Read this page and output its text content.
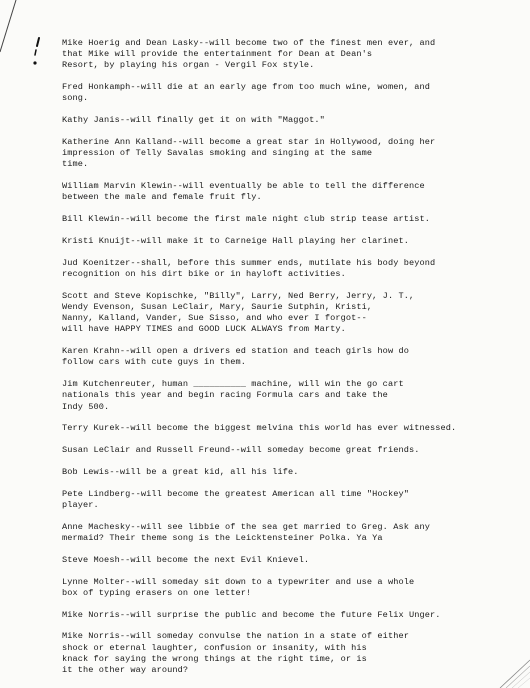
Mike Hoerig and Dean Lasky--will become two of the finest men ever, and
that Mike will provide the entertainment for Dean at Dean's
Resort, by playing his organ - Vergil Fox style.
Fred Honkamph--will die at an early age from too much wine, women, and
song.
Kathy Janis--will finally get it on with "Maggot."
Katherine Ann Kalland--will become a great star in Hollywood, doing her
impression of Telly Savalas smoking and singing at the same
time.
William Marvin Klewin--will eventually be able to tell the difference
between the male and female fruit fly.
Bill Klewin--will become the first male night club strip tease artist.
Kristi Knuijt--will make it to Carneige Hall playing her clarinet.
Jud Koenitzer--shall, before this summer ends, mutilate his body beyond
recognition on his dirt bike or in hayloft activities.
Scott and Steve Kopischke, "Billy", Larry, Ned Berry, Jerry, J. T.,
Wendy Evenson, Susan LeClair, Mary, Saurie Sutphin, Kristi,
Nanny, Kalland, Vander, Sue Sisso, and who ever I forgot--
will have HAPPY TIMES and GOOD LUCK ALWAYS from Marty.
Karen Krahn--will open a drivers ed station and teach girls how do
follow cars with cute guys in them.
Jim Kutchenreuter, human __________ machine, will win the go cart
nationals this year and begin racing Formula cars and take the
Indy 500.
Terry Kurek--will become the biggest melvina this world has ever witnessed.
Susan LeClair and Russell Freund--will someday become great friends.
Bob Lewis--will be a great kid, all his life.
Pete Lindberg--will become the greatest American all time "Hockey"
player.
Anne Machesky--will see libbie of the sea get married to Greg. Ask any
mermaid? Their theme song is the Leicktensteiner Polka. Ya Ya
Steve Moesh--will become the next Evil Knievel.
Lynne Molter--will someday sit down to a typewriter and use a whole
box of typing erasers on one letter!
Mike Norris--will surprise the public and become the future Felix Unger.
Mike Norris--will someday convulse the nation in a state of either
shock or eternal laughter, confusion or insanity, with his
knack for saying the wrong things at the right time, or is
it the other way around?
